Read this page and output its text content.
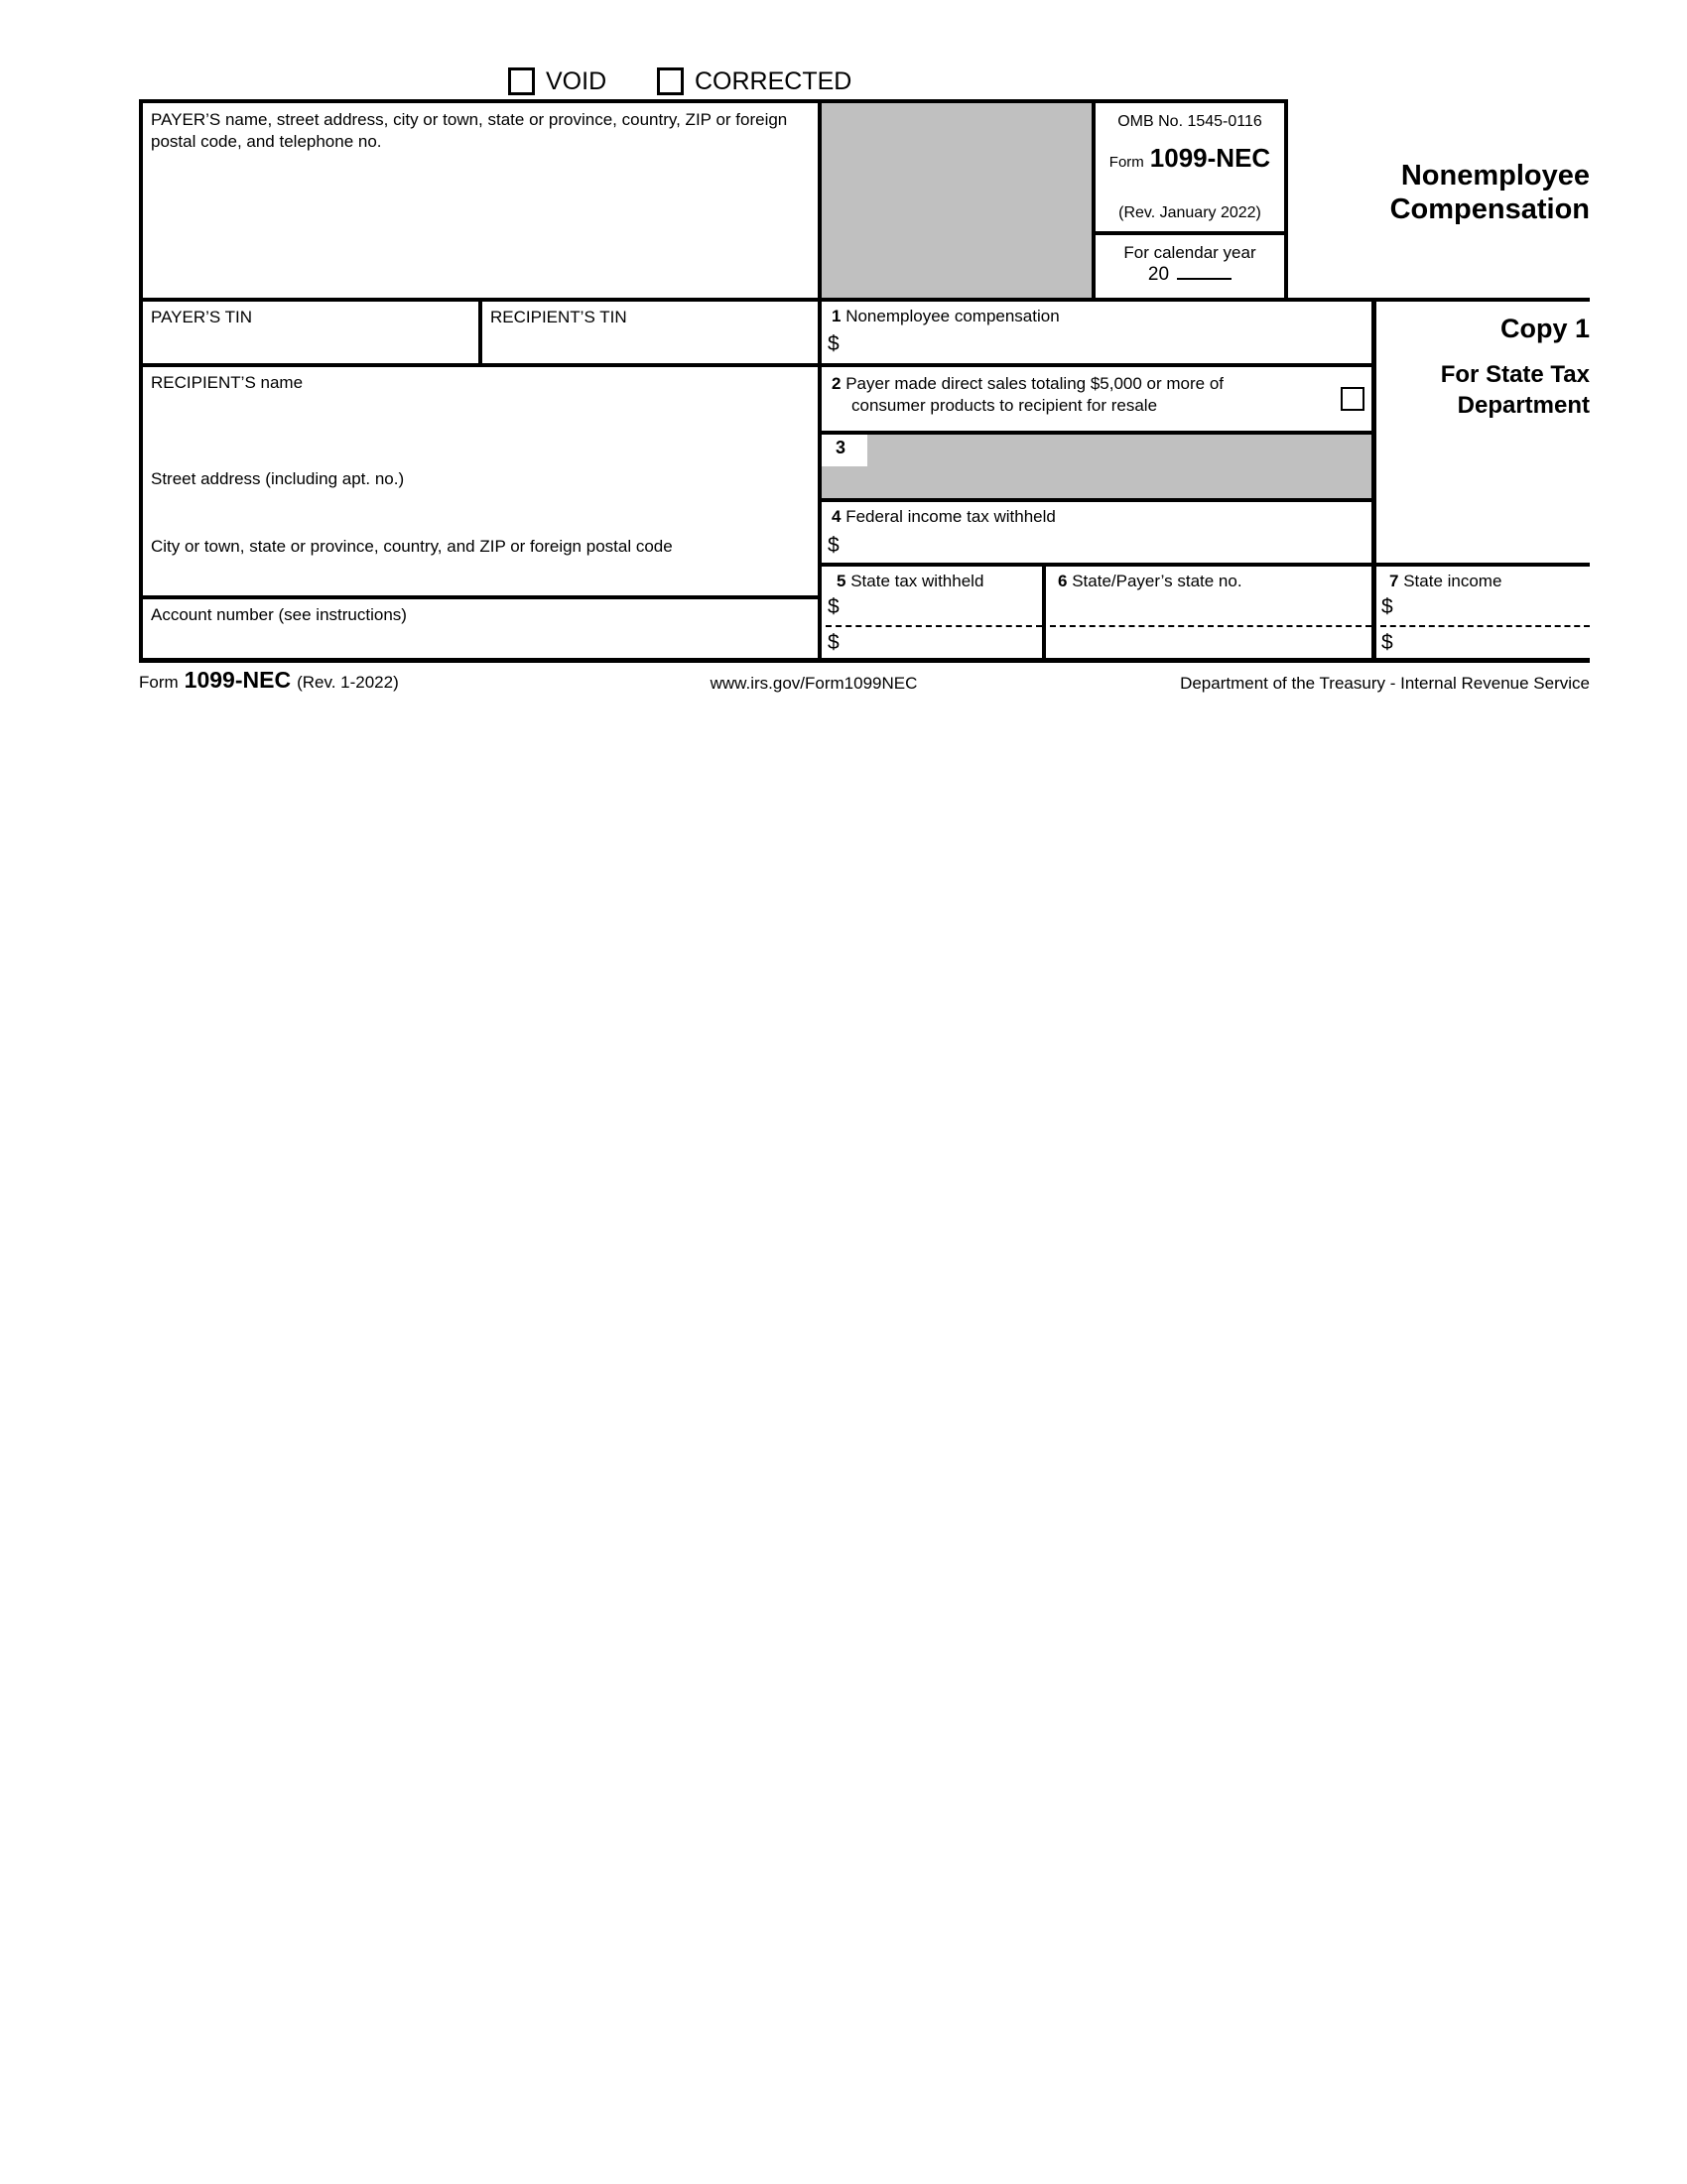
VOID	CORRECTED
PAYER’S name, street address, city or town, state or province, country, ZIP or foreign postal code, and telephone no.
OMB No. 1545-0116
Form 1099-NEC
(Rev. January 2022)
For calendar year
20
Nonemployee
Compensation
PAYER’S TIN	RECIPIENT’S TIN
RECIPIENT’S name
Street address (including apt. no.)
City or town, state or province, country, and ZIP or foreign postal code
Account number (see instructions)
1 Nonemployee compensation
$
2 Payer made direct sales totaling $5,000 or more of
consumer products to recipient for resale
3
4 Federal income tax withheld
$
5 State tax withheld
$
$
6 State/Payer’s state no.	7 State income
$
$
Copy 1
For State Tax
Department
Form 1099-NEC (Rev. 1-2022)	www.irs.gov/Form1099NEC	Department of the Treasury - Internal Revenue Service
